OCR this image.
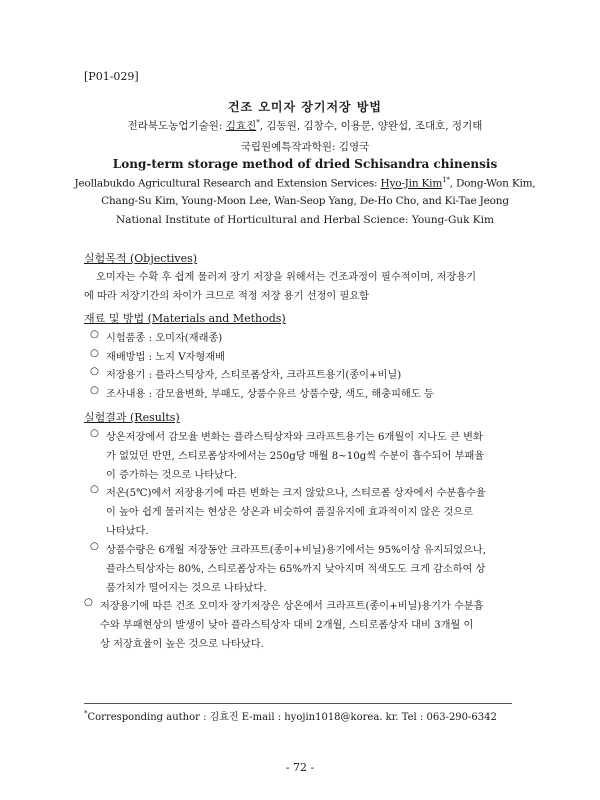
[P01-029]
건조 오미자 장기저장 방법
전라북도농업기술원: 김효진*, 김동원, 김창수, 이용문, 양완섭, 조대호, 정기태
국립원예특작과학원: 김영국
Long-term storage method of dried Schisandra chinensis
Jeollabukdo Agricultural Research and Extension Services: Hyo-Jin Kim$^{1*}$, Dong-Won Kim,
Chang-Su Kim, Young-Moon Lee, Wan-Seop Yang, De-Ho Cho, and Ki-Tae Jeong
National Institute of Horticultural and Herbal Science: Young-Guk Kim
실험목적 (Objectives)
오미자는 수확 후 쉽게 물러져 장기 저장을 위해서는 건조과정이 필수적이며, 저장용기
에 따라 저장기간의 차이가 크므로 적정 저장 용기 선정이 필요함
재료 및 방법 (Materials and Methods)
○ 시험품종 : 오미자(재래종)
○ 재배방법 : 노지 V자형재배
○ 저장용기 : 플라스틱상자, 스티로폼상자, 크라프트용기(종이+비닐)
○ 조사내용 : 감모율변화, 부패도, 상품수유르 상품수량, 색도, 해충피해도 등
실험결과 (Results)
○ 상온저장에서 감모율 변화는 플라스틱상자와 크라프트용기는 6개월이 지나도 큰 변화
가 없었던 반면, 스티로폼상자에서는 250g당 매월 8~10g씩 수분이 흡수되어 부패율
이 증가하는 것으로 나타났다.
○ 저온(5℃)에서 저장용기에 따른 변화는 크지 않았으나, 스티로폼 상자에서 수분흡수율
이 높아 쉽게 물러지는 현상은 상온과 비슷하여 품질유지에 효과적이지 않은 것으로
나타났다.
○ 상품수량은 6개월 저장동안 크라프트(종이+비닐)용기에서는 95%이상 유지되었으나,
플라스틱상자는 80%, 스티로폼상자는 65%까지 낮아지며 적색도도 크게 감소하여 상
품가치가 떨어지는 것으로 나타났다.
○ 저장용기에 따른 건조 오미자 장기저장은 상온에서 크라프트(종이+비닐)용기가 수분흡
수와 부패현상의 발생이 낮아 플라스틱상자 대비 2개월, 스티로폼상자 대비 3개월 이
상 저장효율이 높은 것으로 나타났다.
*Corresponding author : 김효진 E-mail : hyojin1018@korea. kr. Tel : 063-290-6342
- 72 -
